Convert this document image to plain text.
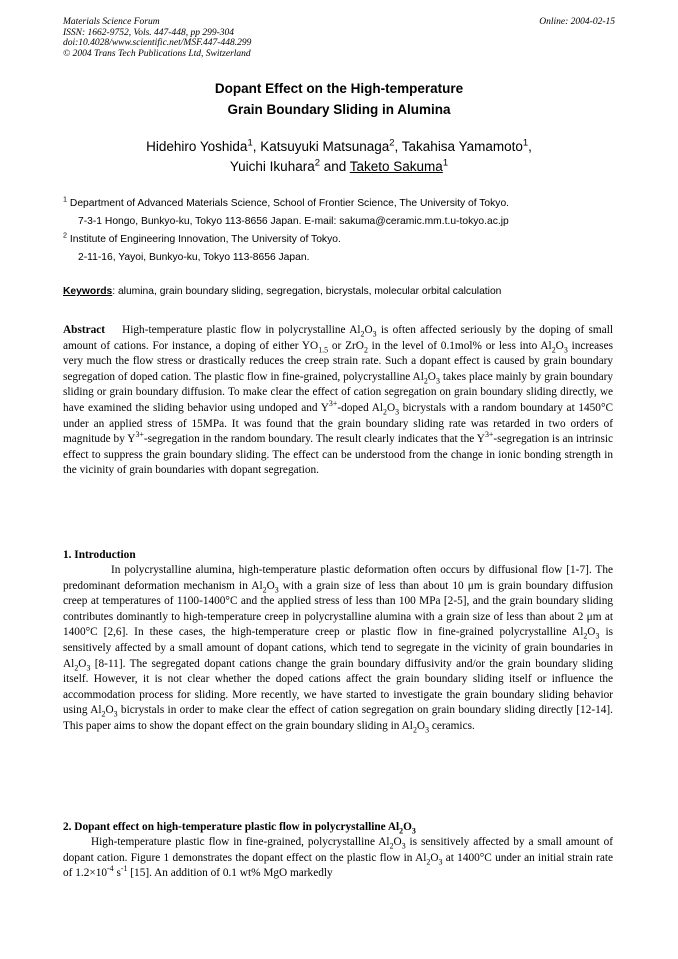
Materials Science Forum
ISSN: 1662-9752, Vols. 447-448, pp 299-304
doi:10.4028/www.scientific.net/MSF.447-448.299
© 2004 Trans Tech Publications Ltd, Switzerland
Online: 2004-02-15
Dopant Effect on the High-temperature
Grain Boundary Sliding in Alumina
Hidehiro Yoshida$^1$, Katsuyuki Matsunaga$^2$, Takahisa Yamamoto$^1$,
Yuichi Ikuhara$^2$ and Taketo Sakuma$^1$
$^1$ Department of Advanced Materials Science, School of Frontier Science, The University of Tokyo.
7-3-1 Hongo, Bunkyo-ku, Tokyo 113-8656 Japan. E-mail: sakuma@ceramic.mm.t.u-tokyo.ac.jp
$^2$ Institute of Engineering Innovation, The University of Tokyo.
2-11-16, Yayoi, Bunkyo-ku, Tokyo 113-8656 Japan.
Keywords: alumina, grain boundary sliding, segregation, bicrystals, molecular orbital calculation
Abstract High-temperature plastic flow in polycrystalline $Al_2O_3$ is often affected seriously by the doping of small amount of cations. For instance, a doping of either $YO_{1.5}$ or ZrO$_2$ in the level of 0.1mol% or less into $Al_2O_3$ increases very much the flow stress or drastically reduces the creep strain rate. Such a dopant effect is caused by grain boundary segregation of doped cation. The plastic flow in fine-grained, polycrystalline $Al_2O_3$ takes place mainly by grain boundary sliding or grain boundary diffusion. To make clear the effect of cation segregation on grain boundary sliding directly, we have examined the sliding behavior using undoped and $Y^{3+}$-doped $Al_2O_3$ bicrystals with a random boundary at 1450°C under an applied stress of 15MPa. It was found that the grain boundary sliding rate was retarded in two orders of magnitude by $Y^{3+}$-segregation in the random boundary. The result clearly indicates that the $Y^{3+}$-segregation is an intrinsic effect to suppress the grain boundary sliding. The effect can be understood from the change in ionic bonding strength in the vicinity of grain boundaries with dopant segregation.
1. Introduction

In polycrystalline alumina, high-temperature plastic deformation often occurs by diffusional flow [1-7]. The predominant deformation mechanism in $Al_2O_3$ with a grain size of less than about 10 μm is grain boundary diffusion creep at temperatures of 1100-1400°C and the applied stress of less than 100 MPa [2-5], and the grain boundary sliding contributes dominantly to high-temperature creep in polycrystalline alumina with a grain size of less than about 2 μm at 1400°C [2,6]. In these cases, the high-temperature creep or plastic flow in fine-grained polycrystalline $Al_2O_3$ is sensitively affected by a small amount of dopant cations, which tend to segregate in the vicinity of grain boundaries in $Al_2O_3$ [8-11]. The segregated dopant cations change the grain boundary diffusivity and/or the grain boundary sliding itself. However, it is not clear whether the doped cations affect the grain boundary sliding itself or influence the accommodation process for sliding. More recently, we have started to investigate the grain boundary sliding behavior using $Al_2O_3$ bicrystals in order to make clear the effect of cation segregation on grain boundary sliding directly [12-14]. This paper aims to show the dopant effect on the grain boundary sliding in $Al_2O_3$ ceramics.

2. Dopant effect on high-temperature plastic flow in polycrystalline $Al_2O_3$

High-temperature plastic flow in fine-grained, polycrystalline $Al_2O_3$ is sensitively affected by a small amount of dopant cation. Figure 1 demonstrates the dopant effect on the plastic flow in $Al_2O_3$ at 1400°C under an initial strain rate of $1.2\times 10^{-4}$ $s^{-1}$ [15]. An addition of 0.1 wt% MgO markedly
